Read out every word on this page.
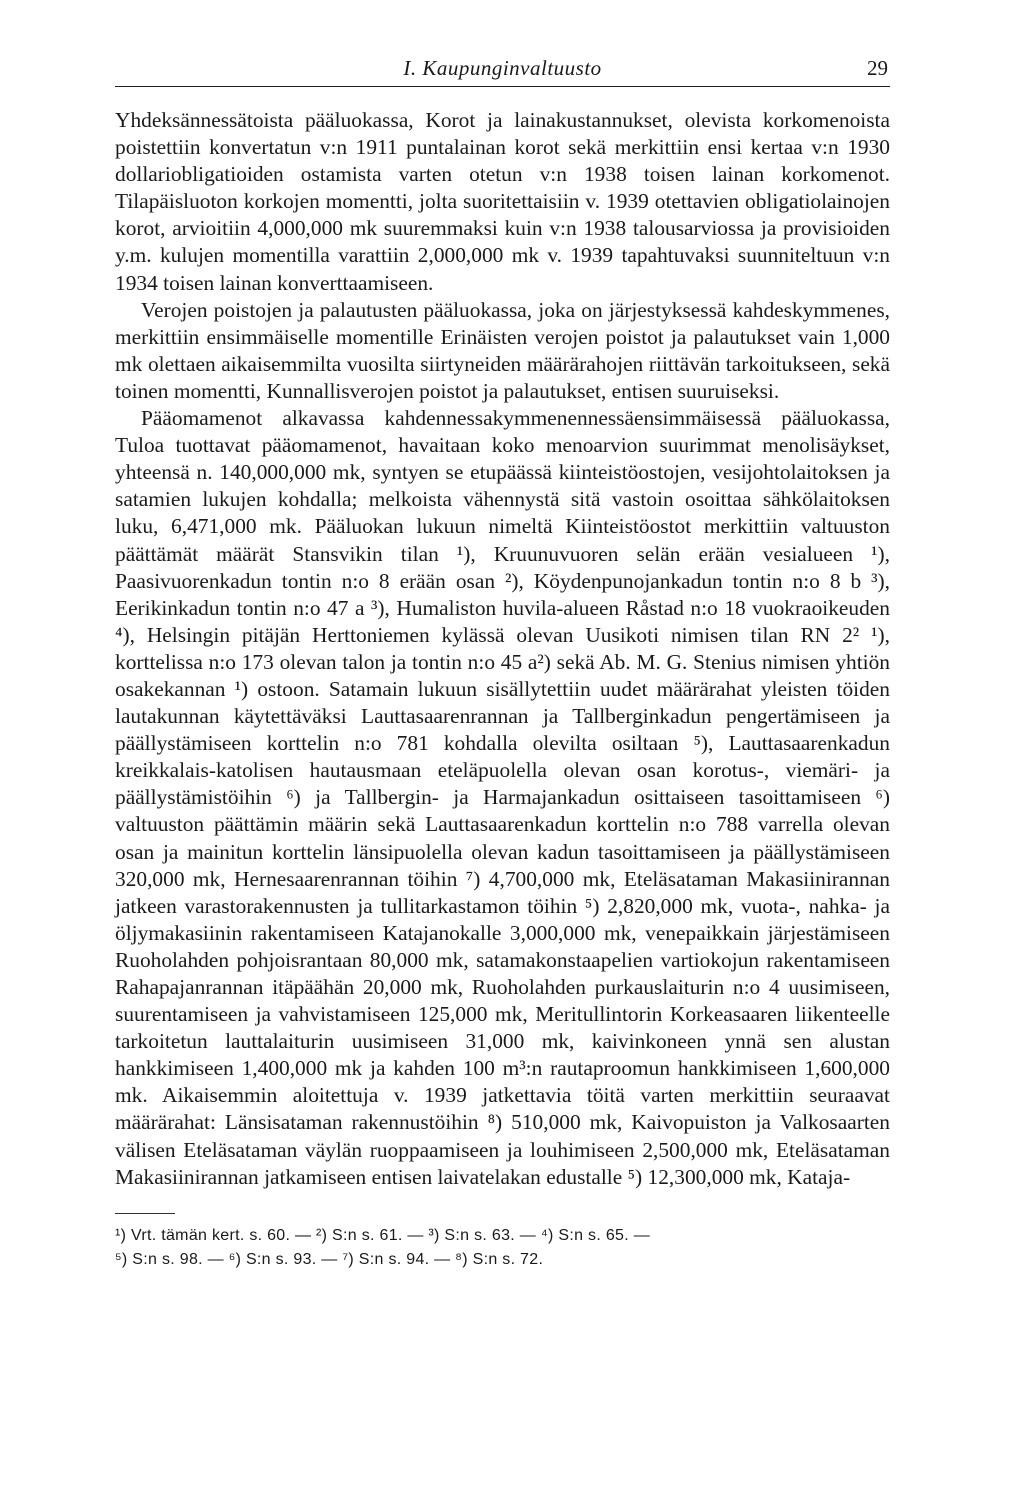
I. Kaupunginvaltuusto	29

Yhdeksännessätoista pääluokassa, Korot ja lainakustannukset, olevista korkomenoista poistettiin konvertatun v:n 1911 puntalainan korot sekä merkittiin ensi kertaa v:n 1930 dollariobligatioiden ostamista varten otetun v:n 1938 toisen lainan korkomenot. Tilapäisluoton korkojen momentti, jolta suoritettaisiin v. 1939 otettavien obligatiolainojen korot, arvioitiin 4,000,000 mk suuremmaksi kuin v:n 1938 talousarviossa ja provisioiden y.m. kulujen momentilla varattiin 2,000,000 mk v. 1939 tapahtuvaksi suunniteltuun v:n 1934 toisen lainan konverttaamiseen.

Verojen poistojen ja palautusten pääluokassa, joka on järjestyksessä kahdeskymmenes, merkittiin ensimmäiselle momentille Erinäisten verojen poistot ja palautukset vain 1,000 mk olettaen aikaisemmilta vuosilta siirtyneiden määrärahojen riittävän tarkoitukseen, sekä toinen momentti, Kunnallisverojen poistot ja palautukset, entisen suuruiseksi.

Pääomamenot alkavassa kahdennessakymmenennessäensimmäisessä pääluokassa, Tuloa tuottavat pääomamenot, havaitaan koko menoarvion suurimmat menolisäykset, yhteensä n. 140,000,000 mk, syntyen se etupäässä kiinteistöostojen, vesijohtolaitoksen ja satamien lukujen kohdalla; melkoista vähennystä sitä vastoin osoittaa sähkölaitoksen luku, 6,471,000 mk. Pääluokan lukuun nimeltä Kiinteistöostot merkittiin valtuuston päättämät määrät Stansvikin tilan ¹), Kruunuvuoren selän erään vesialueen ¹), Paasivuorenkadun tontin n:o 8 erään osan ²), Köydenpunojankadun tontin n:o 8 b ³), Eerikinkadun tontin n:o 47 a ³), Humaliston huvila-alueen Råstad n:o 18 vuokraoikeuden ⁴), Helsingin pitäjän Herttoniemen kylässä olevan Uusikoti nimisen tilan RN 2² ¹), korttelissa n:o 173 olevan talon ja tontin n:o 45 a²) sekä Ab. M. G. Stenius nimisen yhtiön osakekannan ¹) ostoon. Satamain lukuun sisällytettiin uudet määrärahat yleisten töiden lautakunnan käytettäväksi Lauttasaarenrannan ja Tallberginkadun pengertämiseen ja päällystämiseen korttelin n:o 781 kohdalla olevilta osiltaan ⁵), Lauttasaarenkadun kreikkalais-katolisen hautausmaan eteläpuolella olevan osan korotus-, viemäri- ja päällystämistöihin ⁶) ja Tallbergin- ja Harmajankadun osittaiseen tasoittamiseen ⁶) valtuuston päättämin määrin sekä Lauttasaarenkadun korttelin n:o 788 varrella olevan osan ja mainitun korttelin länsipuolella olevan kadun tasoittamiseen ja päällystämiseen 320,000 mk, Hernesaarenrannan töihin ⁷) 4,700,000 mk, Eteläsataman Makasiinirannan jatkeen varastorakennusten ja tullitarkastamon töihin ⁵) 2,820,000 mk, vuota-, nahka- ja öljymakasiinin rakentamiseen Katajanokalle 3,000,000 mk, venepaikkain järjestämiseen Ruoholahden pohjoisrantaan 80,000 mk, satamakonstaapelien vartiokojun rakentamiseen Rahapajanrannan itäpäähän 20,000 mk, Ruoholahden purkauslaiturin n:o 4 uusimiseen, suurentamiseen ja vahvistamiseen 125,000 mk, Meritullintorin Korkeasaaren liikenteelle tarkoitetun lauttalaiturin uusimiseen 31,000 mk, kaivinkoneen ynnä sen alustan hankkimiseen 1,400,000 mk ja kahden 100 m³:n rautaproomun hankkimiseen 1,600,000 mk. Aikaisemmin aloitettuja v. 1939 jatkettavia töitä varten merkittiin seuraavat määrärahat: Länsisataman rakennustöihin ⁸) 510,000 mk, Kaivopuiston ja Valkosaarten välisen Eteläsataman väylän ruoppaamiseen ja louhimiseen 2,500,000 mk, Eteläsataman Makasiinirannan jatkamiseen entisen laivatelakan edustalle ⁵) 12,300,000 mk, Kataja-

¹) Vrt. tämän kert. s. 60. — ²) S:n s. 61. — ³) S:n s. 63. — ⁴) S:n s. 65. —
⁵) S:n s. 98. — ⁶) S:n s. 93. — ⁷) S:n s. 94. — ⁸) S:n s. 72.
